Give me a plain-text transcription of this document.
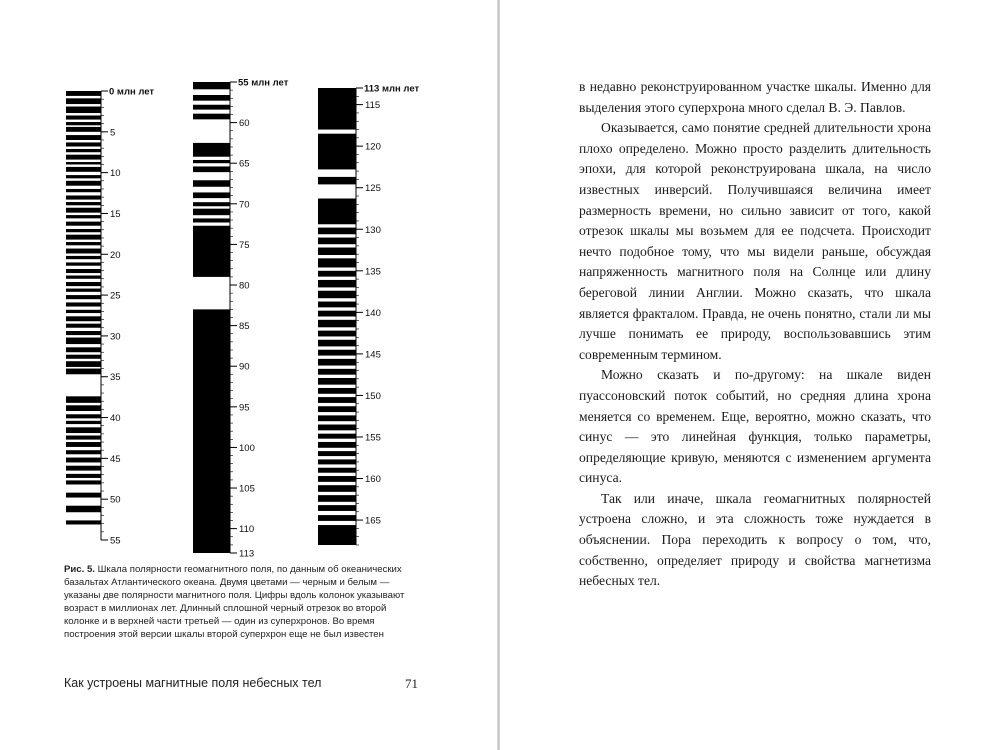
0 млн лет
5
10
15
20
25
30
35
40
45
50
55
55 млн лет
60
65
70
75
80
85
90
95
100
105
110
113
113 млн лет
115
120
125
130
135
140
145
150
155
160
165
Рис. 5. Шкала полярности геомагнитного поля, по данным об океанических базальтах Атлантического океана. Двумя цветами — черным и белым — указаны две полярности магнитного поля. Цифры вдоль колонок указывают возраст в миллионах лет. Длинный сплошной черный отрезок во второй колонке и в верхней части третьей — один из суперхронов. Во время построения этой версии шкалы второй суперхрон еще не был известен
Как устроены магнитные поля небесных тел	71

в недавно реконструированном участке шкалы. Именно для выделения этого суперхрона много сделал В. Э. Павлов.

Оказывается, само понятие средней длительности хрона плохо определено. Можно просто разделить длительность эпохи, для которой реконструирована шкала, на число известных инверсий. Получившаяся величина имеет размерность времени, но сильно зависит от того, какой отрезок шкалы мы возьмем для ее подсчета. Происходит нечто подобное тому, что мы видели раньше, обсуждая напряженность магнитного поля на Солнце или длину береговой линии Англии. Можно сказать, что шкала является фракталом. Правда, не очень понятно, стали ли мы лучше понимать ее природу, воспользовавшись этим современным термином.

Можно сказать и по-другому: на шкале виден пуассоновский поток событий, но средняя длина хрона меняется со временем. Еще, вероятно, можно сказать, что синус — это линейная функция, только параметры, определяющие кривую, меняются с изменением аргумента синуса.

Так или иначе, шкала геомагнитных полярностей устроена сложно, и эта сложность тоже нуждается в объяснении. Пора переходить к вопросу о том, что, собственно, определяет природу и свойства магнетизма небесных тел.
